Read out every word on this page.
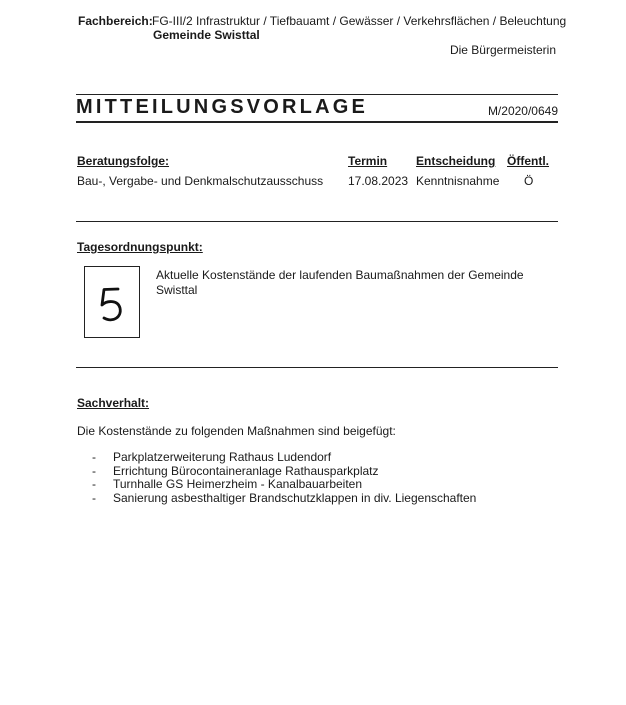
Fachbereich: FG-III/2 Infrastruktur / Tiefbauamt / Gewässer / Verkehrsflächen / Beleuchtung
Gemeinde Swisttal
Die Bürgermeisterin
MITTEILUNGSVORLAGE	M/2020/0649
Beratungsfolge:	Termin Entscheidung Öffentl.
Bau-, Vergabe- und Denkmalschutzausschuss 17.08.2023 Kenntnisnahme Ö
Tagesordnungspunkt:
Aktuelle Kostenstände der laufenden Baumaßnahmen der Gemeinde Swisttal
Sachverhalt:
Die Kostenstände zu folgenden Maßnahmen sind beigefügt:
-	Parkplatzerweiterung Rathaus Ludendorf
-	Errichtung Bürocontaineranlage Rathausparkplatz
-	Turnhalle GS Heimerzheim - Kanalbauarbeiten
-	Sanierung asbesthaltiger Brandschutzklappen in div. Liegenschaften
